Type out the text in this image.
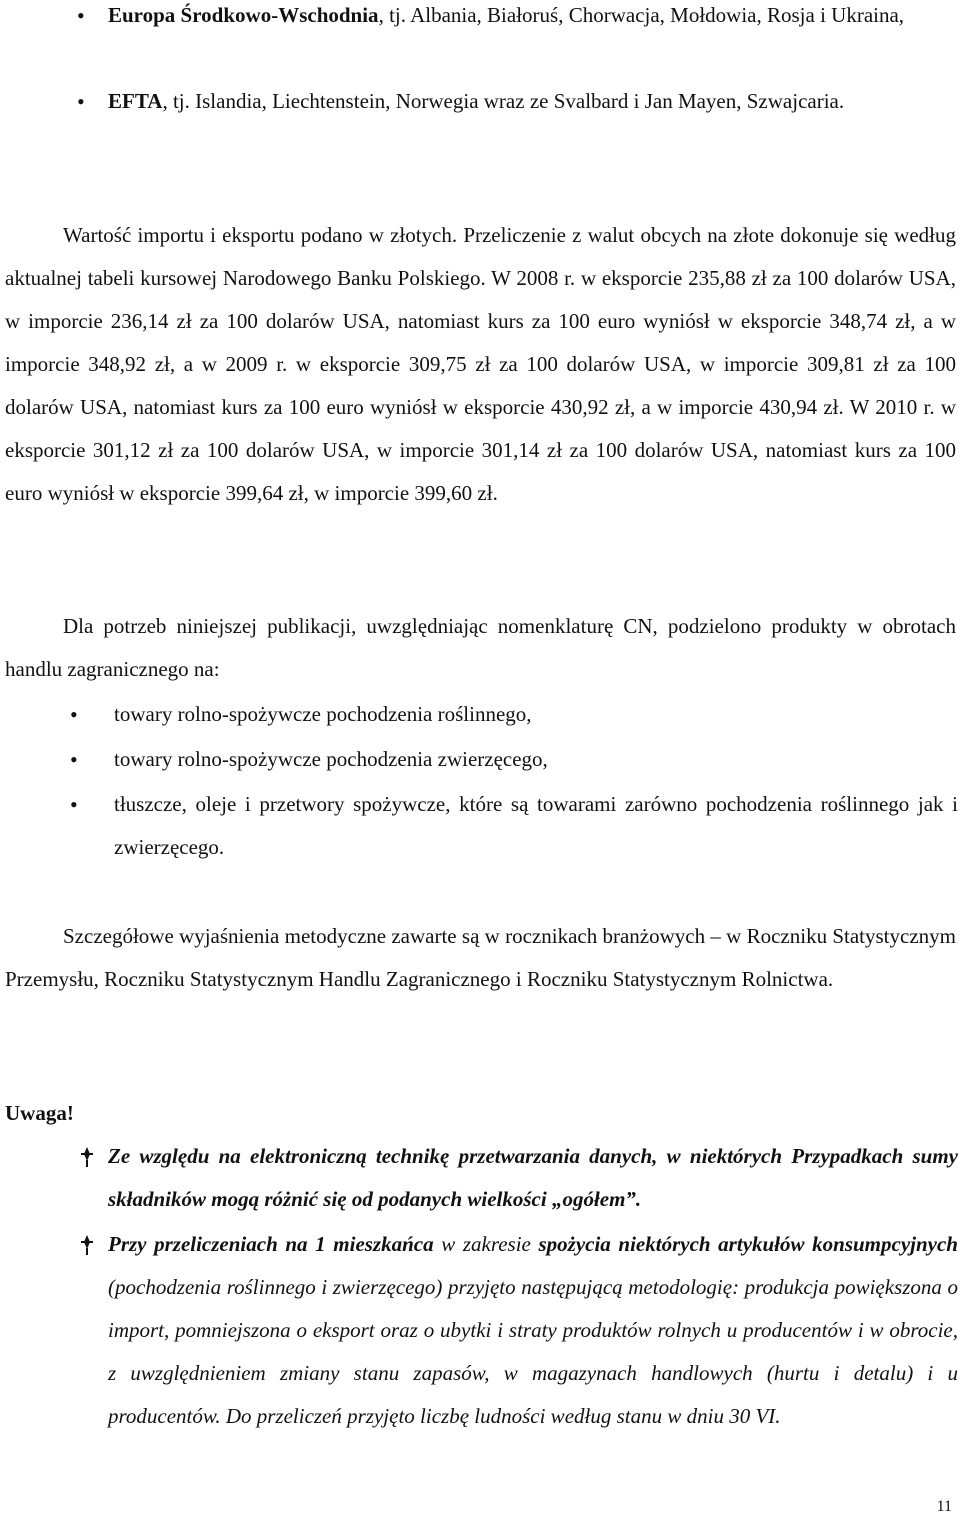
• Europa Środkowo-Wschodnia, tj. Albania, Białoruś, Chorwacja, Mołdowia, Rosja i Ukraina,

• EFTA, tj. Islandia, Liechtenstein, Norwegia wraz ze Svalbard i Jan Mayen, Szwajcaria.

Wartość importu i eksportu podano w złotych. Przeliczenie z walut obcych na złote dokonuje się według aktualnej tabeli kursowej Narodowego Banku Polskiego. W 2008 r. w eksporcie 235,88 zł za 100 dolarów USA, w imporcie 236,14 zł za 100 dolarów USA, natomiast kurs za 100 euro wyniósł w eksporcie 348,74 zł, a w imporcie 348,92 zł, a w 2009 r. w eksporcie 309,75 zł za 100 dolarów USA, w imporcie 309,81 zł za 100 dolarów USA, natomiast kurs za 100 euro wyniósł w eksporcie 430,92 zł, a w imporcie 430,94 zł. W 2010 r. w eksporcie 301,12 zł za 100 dolarów USA, w imporcie 301,14 zł za 100 dolarów USA, natomiast kurs za 100 euro wyniósł w eksporcie 399,64 zł, w imporcie 399,60 zł.

Dla potrzeb niniejszej publikacji, uwzględniając nomenklaturę CN, podzielono produkty w obrotach handlu zagranicznego na:

• towary rolno-spożywcze pochodzenia roślinnego,

• towary rolno-spożywcze pochodzenia zwierzęcego,

• tłuszcze, oleje i przetwory spożywcze, które są towarami zarówno pochodzenia roślinnego jak i zwierzęcego.

Szczegółowe wyjaśnienia metodyczne zawarte są w rocznikach branżowych – w Roczniku Statystycznym Przemysłu, Roczniku Statystycznym Handlu Zagranicznego i Roczniku Statystycznym Rolnictwa.

Uwaga!

Ze względu na elektroniczną technikę przetwarzania danych, w niektórych Przypadkach sumy składników mogą różnić się od podanych wielkości „ogółem”.

Przy przeliczeniach na 1 mieszkańca w zakresie spożycia niektórych artykułów konsumpcyjnych (pochodzenia roślinnego i zwierzęcego) przyjęto następującą metodologię: produkcja powiększona o import, pomniejszona o eksport oraz o ubytki i straty produktów rolnych u producentów i w obrocie, z uwzględnieniem zmiany stanu zapasów, w magazynach handlowych (hurtu i detalu) i u producentów. Do przeliczeń przyjęto liczbę ludności według stanu w dniu 30 VI.

11
